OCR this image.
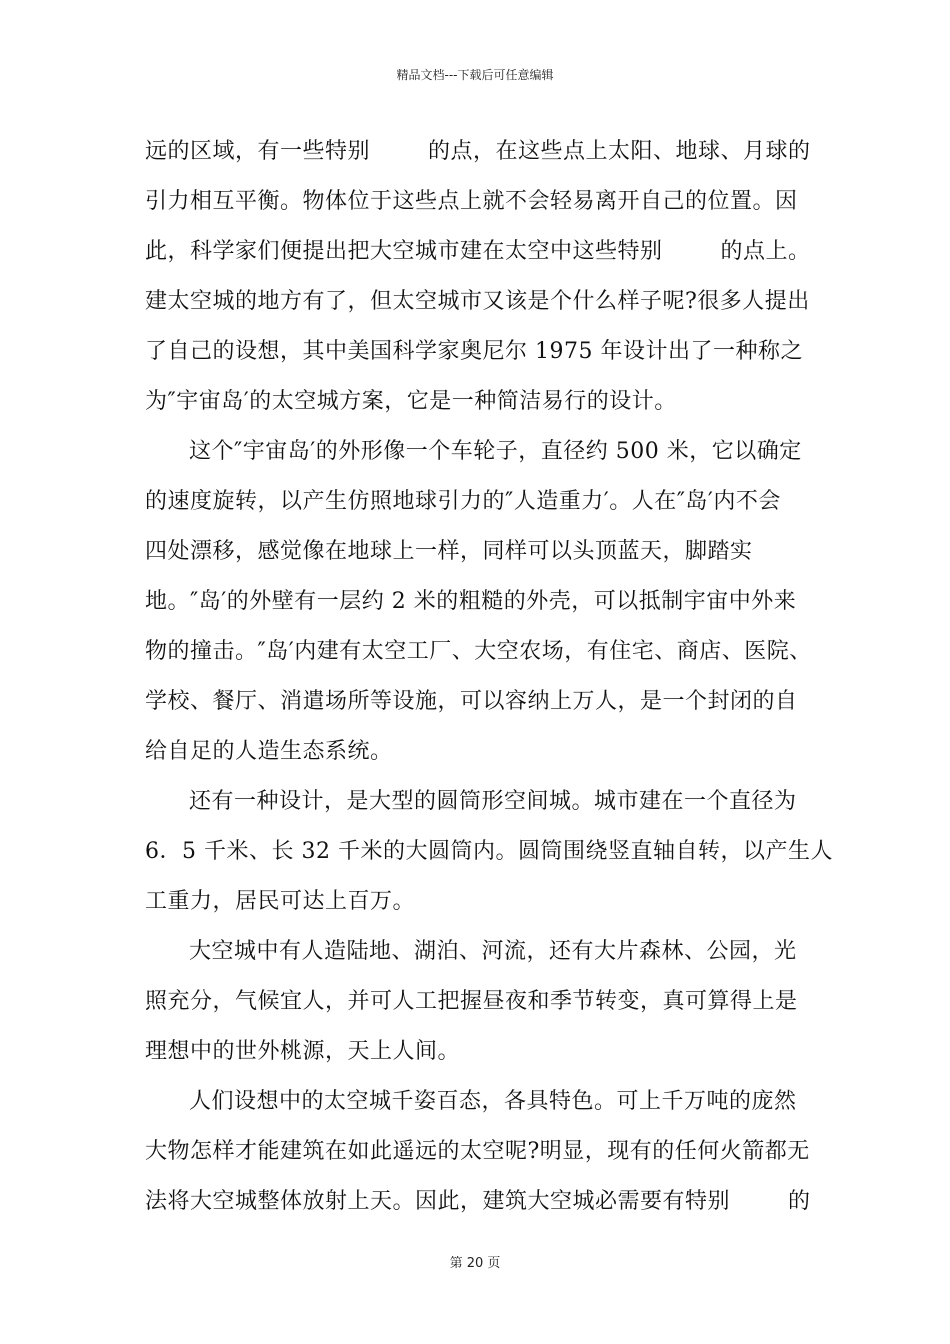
精品文档---下载后可任意编辑
远的区域，有一些特别	的点，在这些点上太阳、地球、月球的
引力相互平衡。物体位于这些点上就不会轻易离开自己的位置。因
此，科学家们便提出把大空城市建在太空中这些特别	的点上。
建太空城的地方有了，但太空城市又该是个什么样子呢?很多人提出
了自己的设想，其中美国科学家奥尼尔 1975 年设计出了一种称之
为″宇宙岛′的太空城方案，它是一种简洁易行的设计。
这个″宇宙岛′的外形像一个车轮子，直径约 500 米，它以确定
的速度旋转，以产生仿照地球引力的″人造重力′。人在″岛′内不会
四处漂移，感觉像在地球上一样，同样可以头顶蓝天，脚踏实
地。″岛′的外壁有一层约 2 米的粗糙的外壳，可以抵制宇宙中外来
物的撞击。″岛′内建有太空工厂、大空农场，有住宅、商店、医院、
学校、餐厅、消遣场所等设施，可以容纳上万人，是一个封闭的自
给自足的人造生态系统。
还有一种设计，是大型的圆筒形空间城。城市建在一个直径为
6．5 千米、长 32 千米的大圆筒内。圆筒围绕竖直轴自转，以产生人
工重力，居民可达上百万。
大空城中有人造陆地、湖泊、河流，还有大片森林、公园，光
照充分，气候宜人，并可人工把握昼夜和季节转变，真可算得上是
理想中的世外桃源，天上人间。
人们设想中的太空城千姿百态，各具特色。可上千万吨的庞然
大物怎样才能建筑在如此遥远的太空呢?明显，现有的任何火箭都无
法将大空城整体放射上天。因此，建筑大空城必需要有特别	的
第 20 页
